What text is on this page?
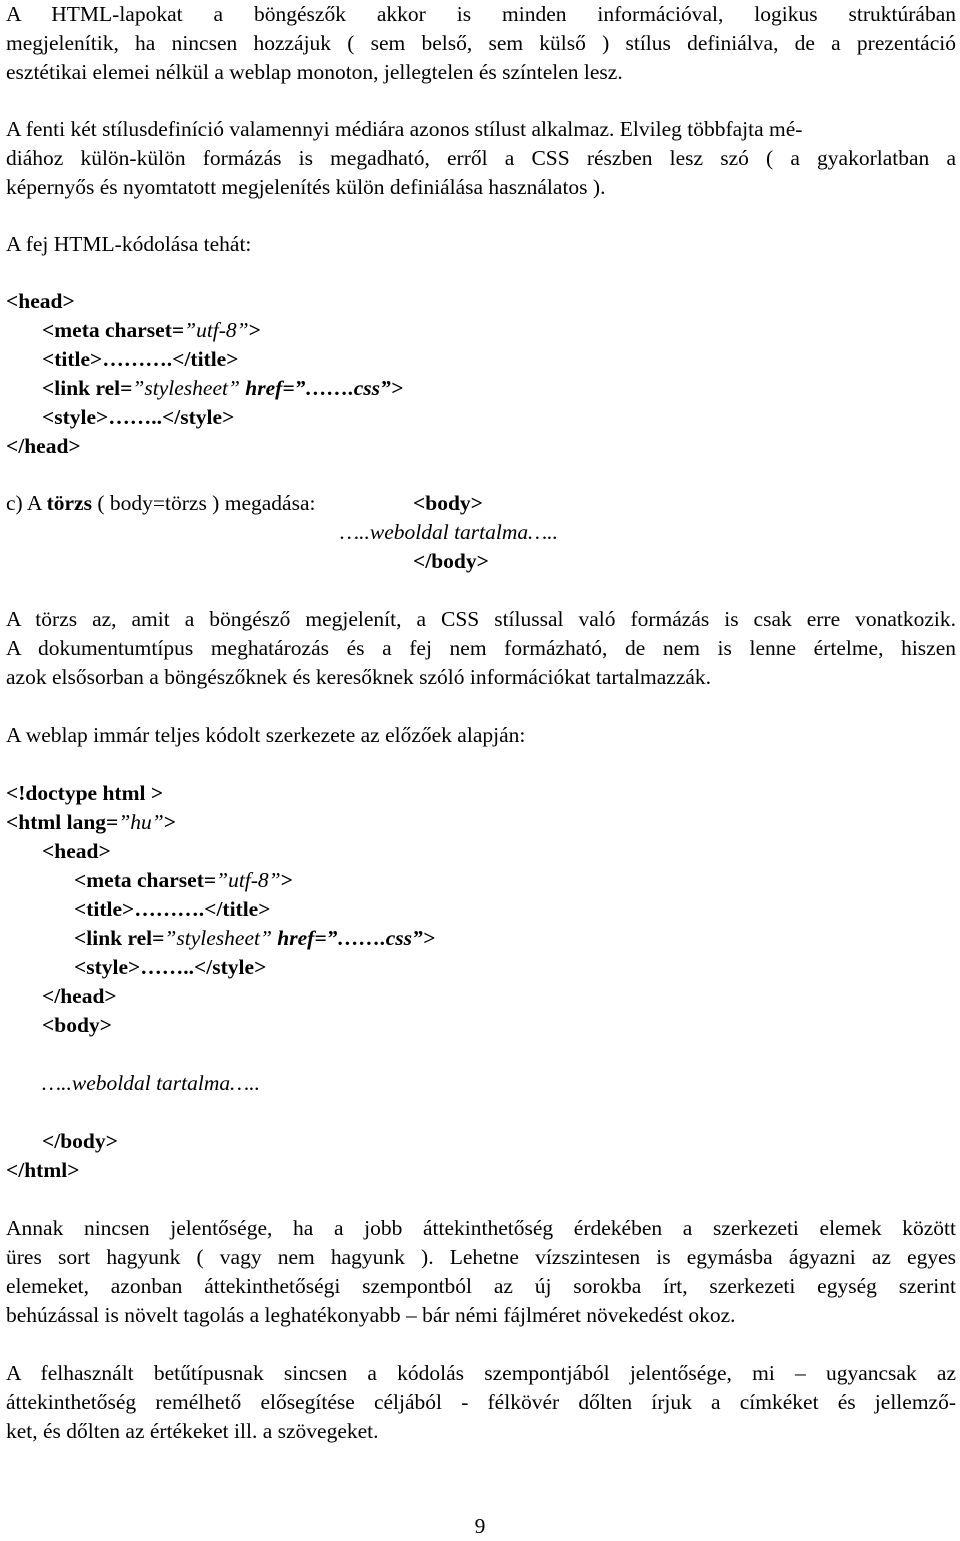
A HTML-lapokat a böngészők akkor is minden információval, logikus struktúrában
megjelenítik, ha nincsen hozzájuk ( sem belső, sem külső ) stílus definiálva, de a prezentáció
esztétikai elemei nélkül a weblap monoton, jellegtelen és színtelen lesz.
A fenti két stílusdefiníció valamennyi médiára azonos stílust alkalmaz. Elvileg többfajta mé-
diához külön-külön formázás is megadható, erről a CSS részben lesz szó ( a gyakorlatban a
képernyős és nyomtatott megjelenítés külön definiálása használatos ).
A fej HTML-kódolása tehát:
<head>
<meta charset=”utf-8”>
<title>……….</title>
<link rel=”stylesheet” href=”…….css”>
<style>……..</style>
</head>
c) A törzs ( body=törzs ) megadása:	<body>
…..weboldal tartalma…..
</body>
A törzs az, amit a böngésző megjelenít, a CSS stílussal való formázás is csak erre vonatkozik.
A dokumentumtípus meghatározás és a fej nem formázható, de nem is lenne értelme, hiszen
azok elsősorban a böngészőknek és keresőknek szóló információkat tartalmazzák.
A weblap immár teljes kódolt szerkezete az előzőek alapján:
<!doctype html >
<html lang=”hu”>
<head>
<meta charset=”utf-8”>
<title>……….</title>
<link rel=”stylesheet” href=”…….css”>
<style>……..</style>
</head>
<body>
…..weboldal tartalma…..
</body>
</html>
Annak nincsen jelentősége, ha a jobb áttekinthetőség érdekében a szerkezeti elemek között
üres sort hagyunk ( vagy nem hagyunk ). Lehetne vízszintesen is egymásba ágyazni az egyes
elemeket, azonban áttekinthetőségi szempontból az új sorokba írt, szerkezeti egység szerint
behúzással is növelt tagolás a leghatékonyabb – bár némi fájlméret növekedést okoz.
A felhasznált betűtípusnak sincsen a kódolás szempontjából jelentősége, mi – ugyancsak az
áttekinthetőség remélhető elősegítése céljából - félkövér dőlten írjuk a címkéket és jellemző-
ket, és dőlten az értékeket ill. a szövegeket.
9
